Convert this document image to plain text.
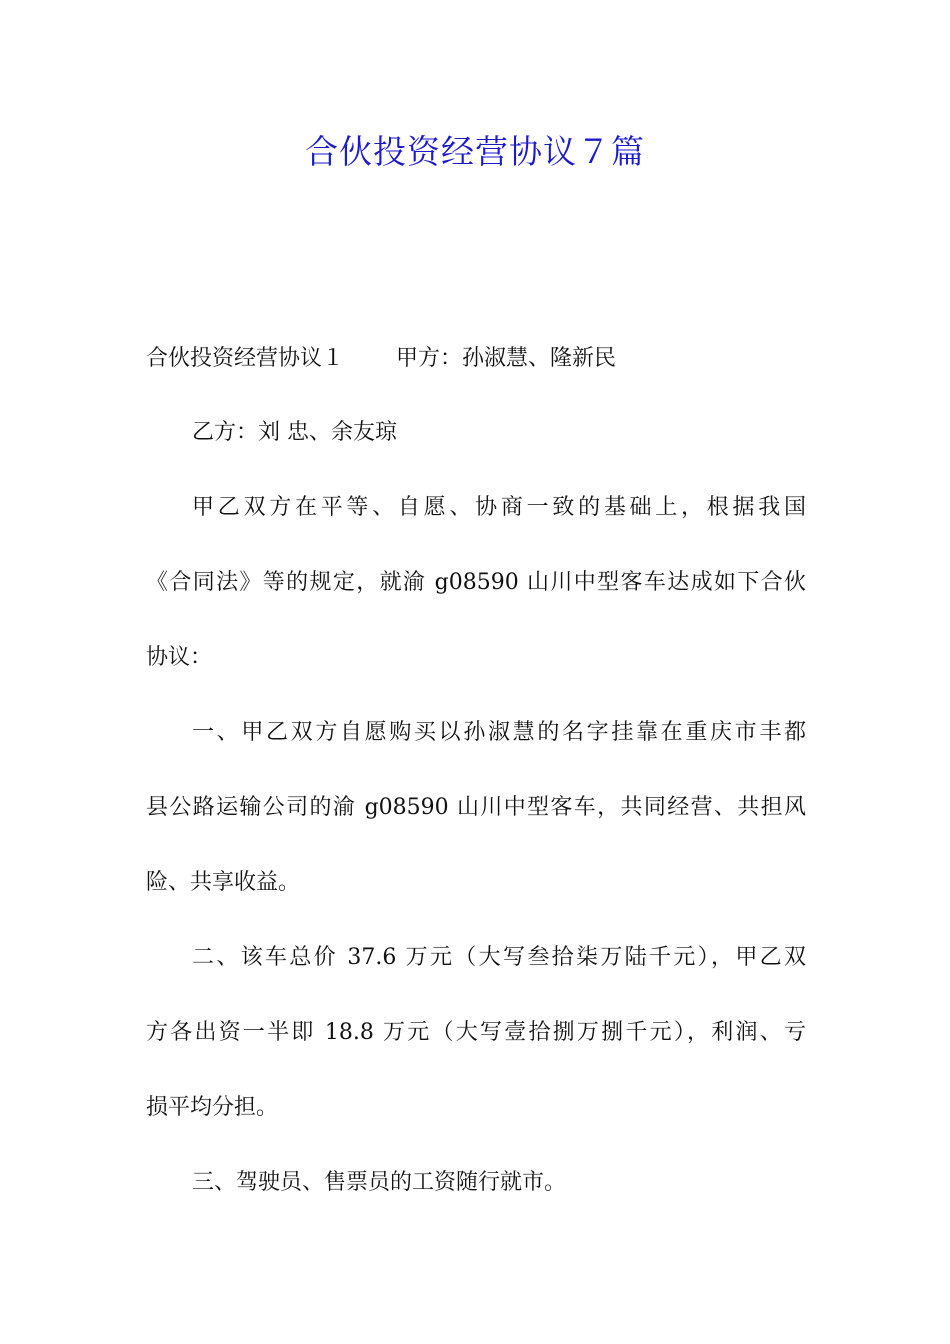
合伙投资经营协议７篇
合伙投资经营协议１ 甲方：孙淑慧、隆新民
乙方：刘 忠、余友琼
甲乙双方在平等、自愿、协商一致的基础上，根据我国
《合同法》等的规定，就渝 g08590 山川中型客车达成如下合伙
协议：
一、甲乙双方自愿购买以孙淑慧的名字挂靠在重庆市丰都
县公路运输公司的渝 g08590 山川中型客车，共同经营、共担风
险、共享收益。
二、该车总价 37.6 万元（大写叁拾柒万陆千元），甲乙双
方各出资一半即 18.8 万元（大写壹拾捌万捌千元），利润、亏
损平均分担。
三、驾驶员、售票员的工资随行就市。
